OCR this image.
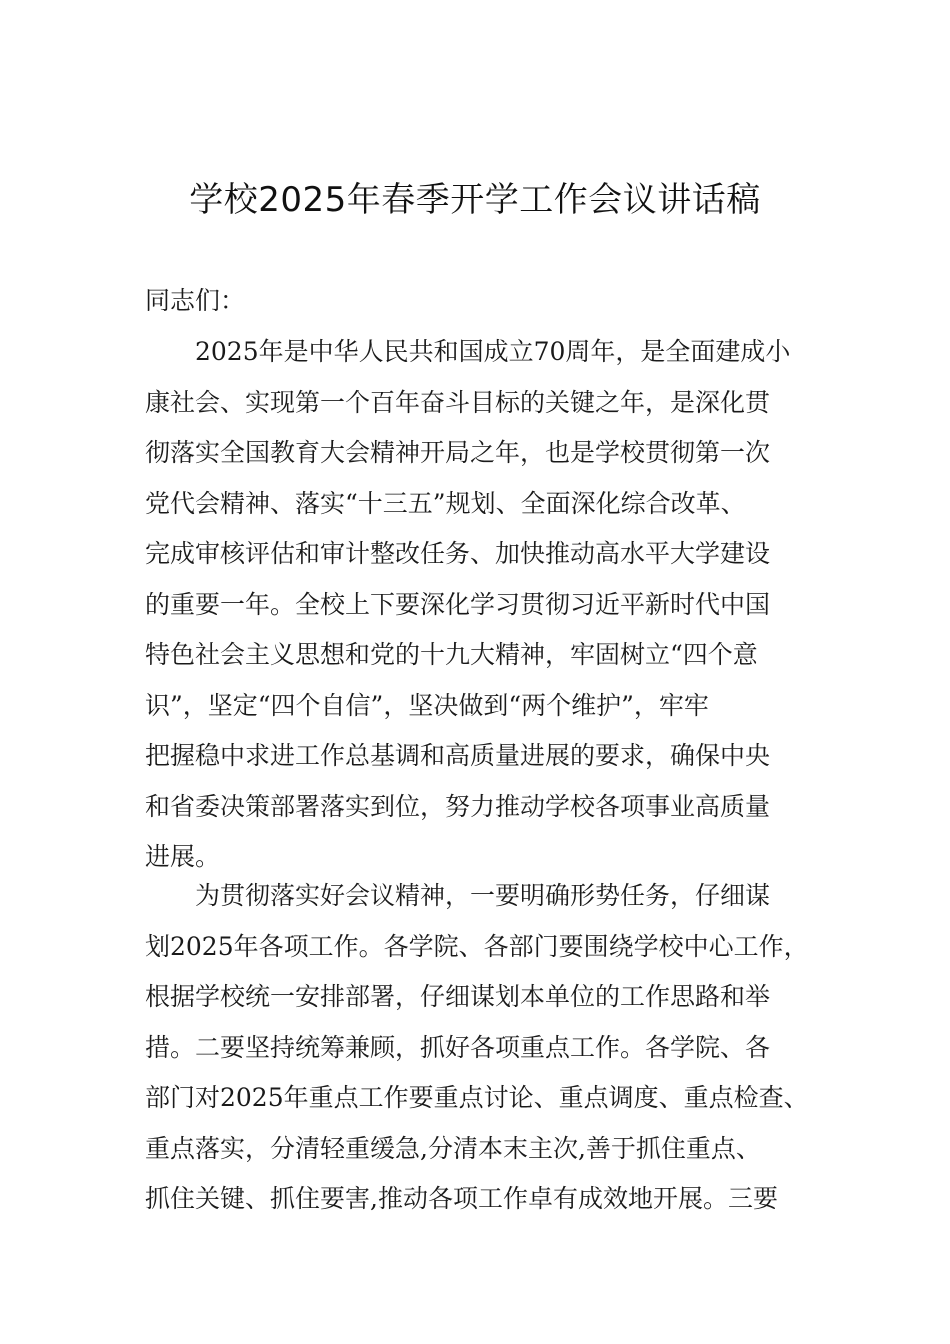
学校2025年春季开学工作会议讲话稿
同志们：
2025年是中华人民共和国成立70周年，是全面建成小
康社会、实现第一个百年奋斗目标的关键之年，是深化贯
彻落实全国教育大会精神开局之年，也是学校贯彻第一次
党代会精神、落实“十三五”规划、全面深化综合改革、
完成审核评估和审计整改任务、加快推动高水平大学建设
的重要一年。全校上下要深化学习贯彻习近平新时代中国
特色社会主义思想和党的十九大精神，牢固树立“四个意
识”，坚定“四个自信”，坚决做到“两个维护”，牢牢
把握稳中求进工作总基调和高质量进展的要求，确保中央
和省委决策部署落实到位，努力推动学校各项事业高质量
进展。
为贯彻落实好会议精神，一要明确形势任务，仔细谋
划2025年各项工作。各学院、各部门要围绕学校中心工作，
根据学校统一安排部署，仔细谋划本单位的工作思路和举
措。二要坚持统筹兼顾，抓好各项重点工作。各学院、各
部门对2025年重点工作要重点讨论、重点调度、重点检查、
重点落实，分清轻重缓急,分清本末主次,善于抓住重点、
抓住关键、抓住要害,推动各项工作卓有成效地开展。三要
